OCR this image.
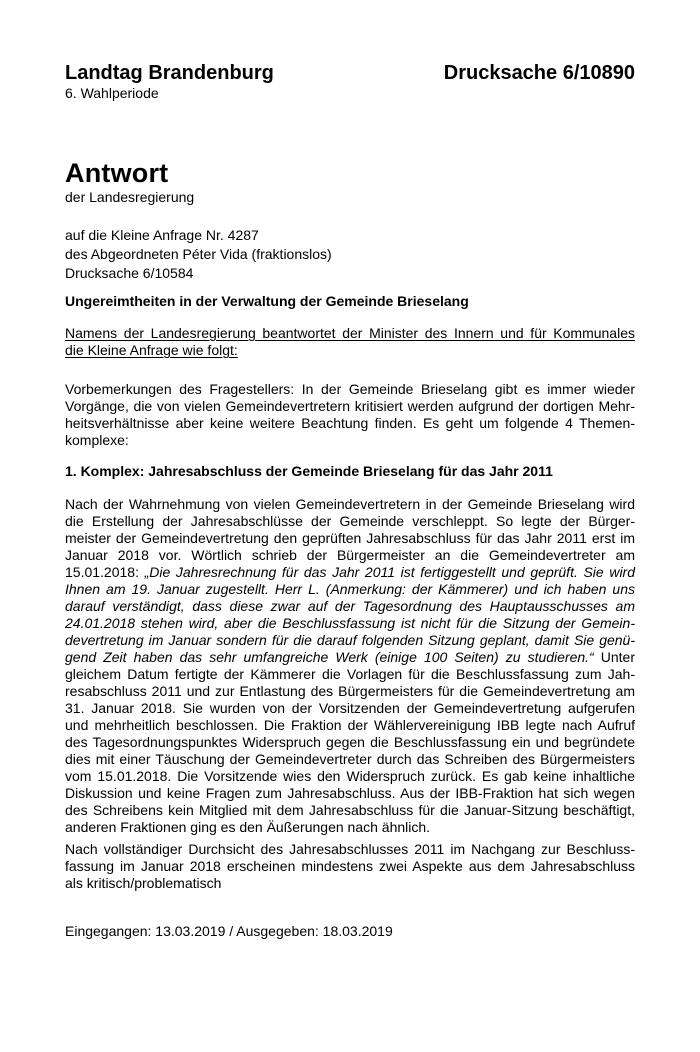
Landtag Brandenburg	Drucksache 6/10890
6. Wahlperiode
Antwort
der Landesregierung
auf die Kleine Anfrage Nr. 4287
des Abgeordneten Péter Vida (fraktionslos)
Drucksache 6/10584
Ungereimtheiten in der Verwaltung der Gemeinde Brieselang
Namens der Landesregierung beantwortet der Minister des Innern und für Kommunales
die Kleine Anfrage wie folgt:
Vorbemerkungen des Fragestellers: In der Gemeinde Brieselang gibt es immer wieder
Vorgänge, die von vielen Gemeindevertretern kritisiert werden aufgrund der dortigen Mehr-
heitsverhältnisse aber keine weitere Beachtung finden. Es geht um folgende 4 Themen-
komplexe:
1. Komplex: Jahresabschluss der Gemeinde Brieselang für das Jahr 2011
Nach der Wahrnehmung von vielen Gemeindevertretern in der Gemeinde Brieselang wird
die Erstellung der Jahresabschlüsse der Gemeinde verschleppt. So legte der Bürger-
meister der Gemeindevertretung den geprüften Jahresabschluss für das Jahr 2011 erst im
Januar 2018 vor. Wörtlich schrieb der Bürgermeister an die Gemeindevertreter am
15.01.2018: „Die Jahresrechnung für das Jahr 2011 ist fertiggestellt und geprüft. Sie wird
Ihnen am 19. Januar zugestellt. Herr L. (Anmerkung: der Kämmerer) und ich haben uns
darauf verständigt, dass diese zwar auf der Tagesordnung des Hauptausschusses am
24.01.2018 stehen wird, aber die Beschlussfassung ist nicht für die Sitzung der Gemein-
devertretung im Januar sondern für die darauf folgenden Sitzung geplant, damit Sie genü-
gend Zeit haben das sehr umfangreiche Werk (einige 100 Seiten) zu studieren.“ Unter
gleichem Datum fertigte der Kämmerer die Vorlagen für die Beschlussfassung zum Jah-
resabschluss 2011 und zur Entlastung des Bürgermeisters für die Gemeindevertretung am
31. Januar 2018. Sie wurden von der Vorsitzenden der Gemeindevertretung aufgerufen
und mehrheitlich beschlossen. Die Fraktion der Wählervereinigung IBB legte nach Aufruf
des Tagesordnungspunktes Widerspruch gegen die Beschlussfassung ein und begründete
dies mit einer Täuschung der Gemeindevertreter durch das Schreiben des Bürgermeisters
vom 15.01.2018. Die Vorsitzende wies den Widerspruch zurück. Es gab keine inhaltliche
Diskussion und keine Fragen zum Jahresabschluss. Aus der IBB-Fraktion hat sich wegen
des Schreibens kein Mitglied mit dem Jahresabschluss für die Januar-Sitzung beschäftigt,
anderen Fraktionen ging es den Äußerungen nach ähnlich.
Nach vollständiger Durchsicht des Jahresabschlusses 2011 im Nachgang zur Beschluss-
fassung im Januar 2018 erscheinen mindestens zwei Aspekte aus dem Jahresabschluss
als kritisch/problematisch
Eingegangen: 13.03.2019 / Ausgegeben: 18.03.2019
